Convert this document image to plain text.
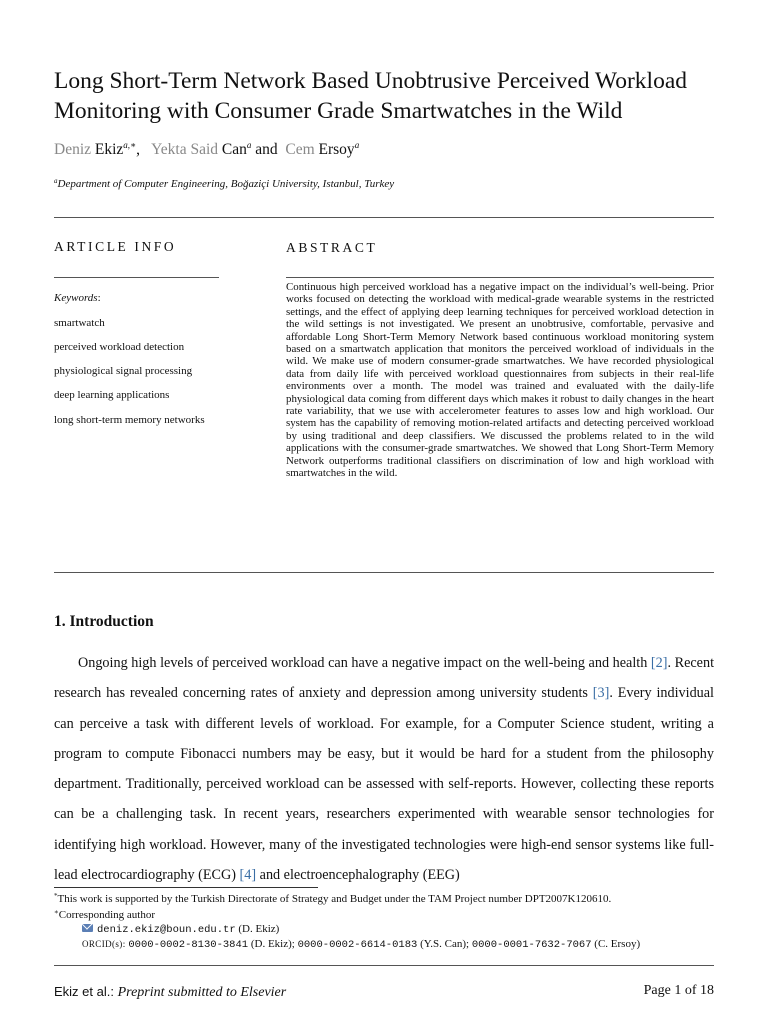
Long Short-Term Network Based Unobtrusive Perceived Workload Monitoring with Consumer Grade Smartwatches in the Wild
Deniz Ekiz$^{a,∗}$, Yekta Said Can$^a$ and Cem Ersoy$^a$
$^a$Department of Computer Engineering, Boğaziçi University, Istanbul, Turkey
ARTICLE INFO
Keywords:
smartwatch
perceived workload detection
physiological signal processing
deep learning applications
long short-term memory networks
ABSTRACT
Continuous high perceived workload has a negative impact on the individual’s well-being. Prior works focused on detecting the workload with medical-grade wearable systems in the restricted settings, and the effect of applying deep learning techniques for perceived workload detection in the wild settings is not investigated. We present an unobtrusive, comfortable, pervasive and affordable Long Short-Term Memory Network based continuous workload monitoring system based on a smartwatch application that monitors the perceived workload of individuals in the wild. We make use of modern consumer-grade smartwatches. We have recorded physiological data from daily life with perceived workload questionnaires from subjects in their real-life environments over a month. The model was trained and evaluated with the daily-life physiological data coming from different days which makes it robust to daily changes in the heart rate variability, that we use with accelerometer features to asses low and high workload. Our system has the capability of removing motion-related artifacts and detecting perceived workload by using traditional and deep classifiers. We discussed the problems related to in the wild applications with the consumer-grade smartwatches. We showed that Long Short-Term Memory Network outperforms traditional classifiers on discrimination of low and high workload with smartwatches in the wild.
1. Introduction
Ongoing high levels of perceived workload can have a negative impact on the well-being and health [2]. Recent research has revealed concerning rates of anxiety and depression among university students [3]. Every individual can perceive a task with different levels of workload. For example, for a Computer Science student, writing a program to compute Fibonacci numbers may be easy, but it would be hard for a student from the philosophy department. Traditionally, perceived workload can be assessed with self-reports. However, collecting these reports can be a challenging task. In recent years, researchers experimented with wearable sensor technologies for identifying high workload. However, many of the investigated technologies were high-end sensor systems like full-lead electrocardiography (ECG) [4] and electroencephalography (EEG)
*This work is supported by the Turkish Directorate of Strategy and Budget under the TAM Project number DPT2007K120610.
∗Corresponding author
deniz.ekiz@boun.edu.tr (D. Ekiz)
ORCID(s): 0000-0002-8130-3841 (D. Ekiz); 0000-0002-6614-0183 (Y.S. Can); 0000-0001-7632-7067 (C. Ersoy)
Ekiz et al.: Preprint submitted to Elsevier	Page 1 of 18
